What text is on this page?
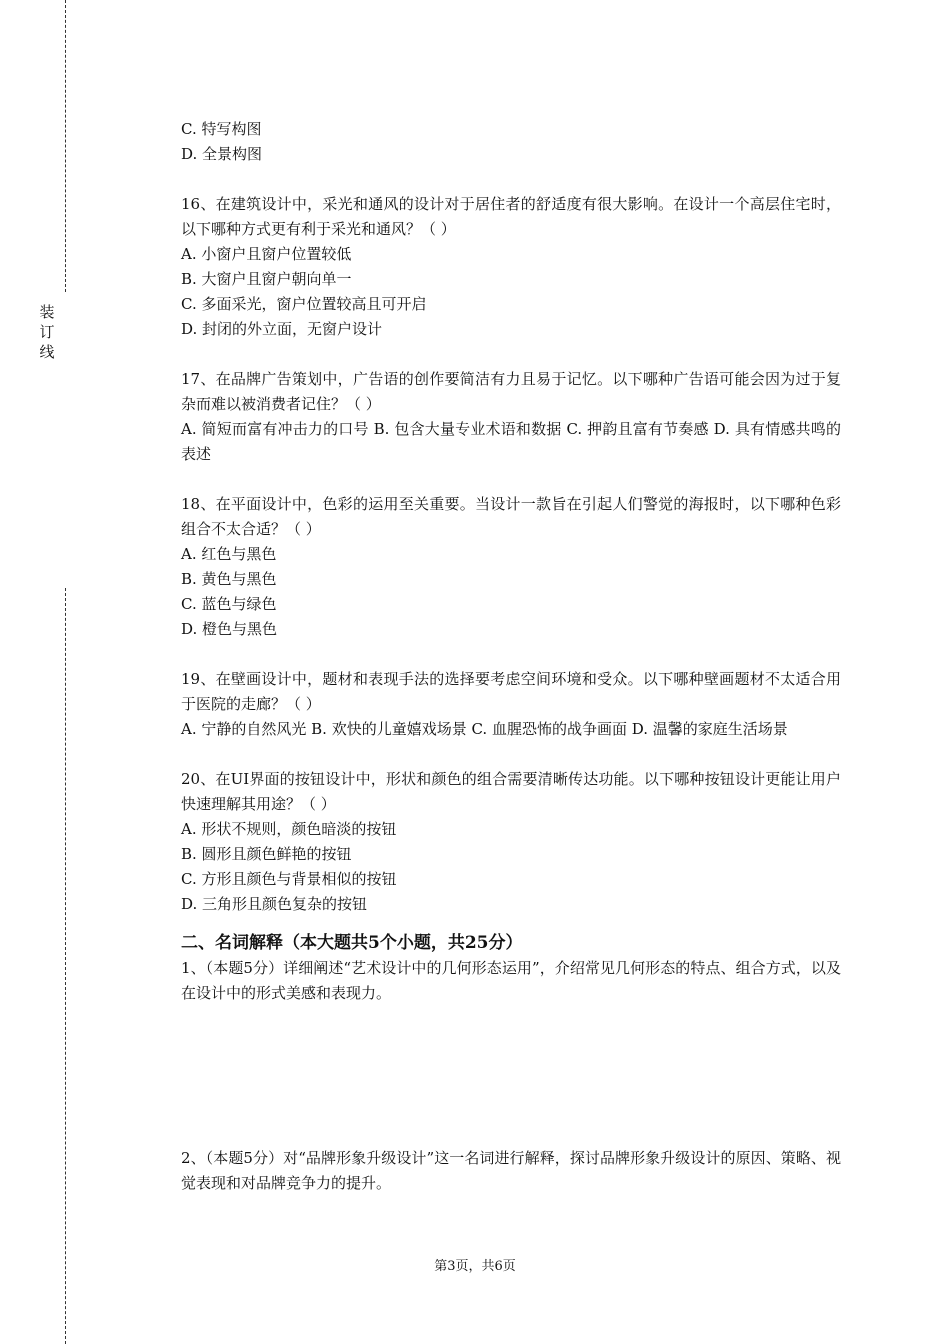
装
订
线
C. 特写构图
D. 全景构图
16、在建筑设计中，采光和通风的设计对于居住者的舒适度有很大影响。在设计一个高层住宅时，以下哪种方式更有利于采光和通风？（ ）
A. 小窗户且窗户位置较低
B. 大窗户且窗户朝向单一
C. 多面采光，窗户位置较高且可开启
D. 封闭的外立面，无窗户设计
17、在品牌广告策划中，广告语的创作要简洁有力且易于记忆。以下哪种广告语可能会因为过于复杂而难以被消费者记住？（ ）
A. 简短而富有冲击力的口号 B. 包含大量专业术语和数据 C. 押韵且富有节奏感 D. 具有情感共鸣的表述
18、在平面设计中，色彩的运用至关重要。当设计一款旨在引起人们警觉的海报时，以下哪种色彩组合不太合适？（ ）
A. 红色与黑色
B. 黄色与黑色
C. 蓝色与绿色
D. 橙色与黑色
19、在壁画设计中，题材和表现手法的选择要考虑空间环境和受众。以下哪种壁画题材不太适合用于医院的走廊？（ ）
A. 宁静的自然风光 B. 欢快的儿童嬉戏场景 C. 血腥恐怖的战争画面 D. 温馨的家庭生活场景
20、在UI界面的按钮设计中，形状和颜色的组合需要清晰传达功能。以下哪种按钮设计更能让用户快速理解其用途？（ ）
A. 形状不规则，颜色暗淡的按钮
B. 圆形且颜色鲜艳的按钮
C. 方形且颜色与背景相似的按钮
D. 三角形且颜色复杂的按钮
二、名词解释（本大题共5个小题，共25分）
1、（本题5分）详细阐述“艺术设计中的几何形态运用”，介绍常见几何形态的特点、组合方式，以及在设计中的形式美感和表现力。
2、（本题5分）对“品牌形象升级设计”这一名词进行解释，探讨品牌形象升级设计的原因、策略、视觉表现和对品牌竞争力的提升。
第3页，共6页
